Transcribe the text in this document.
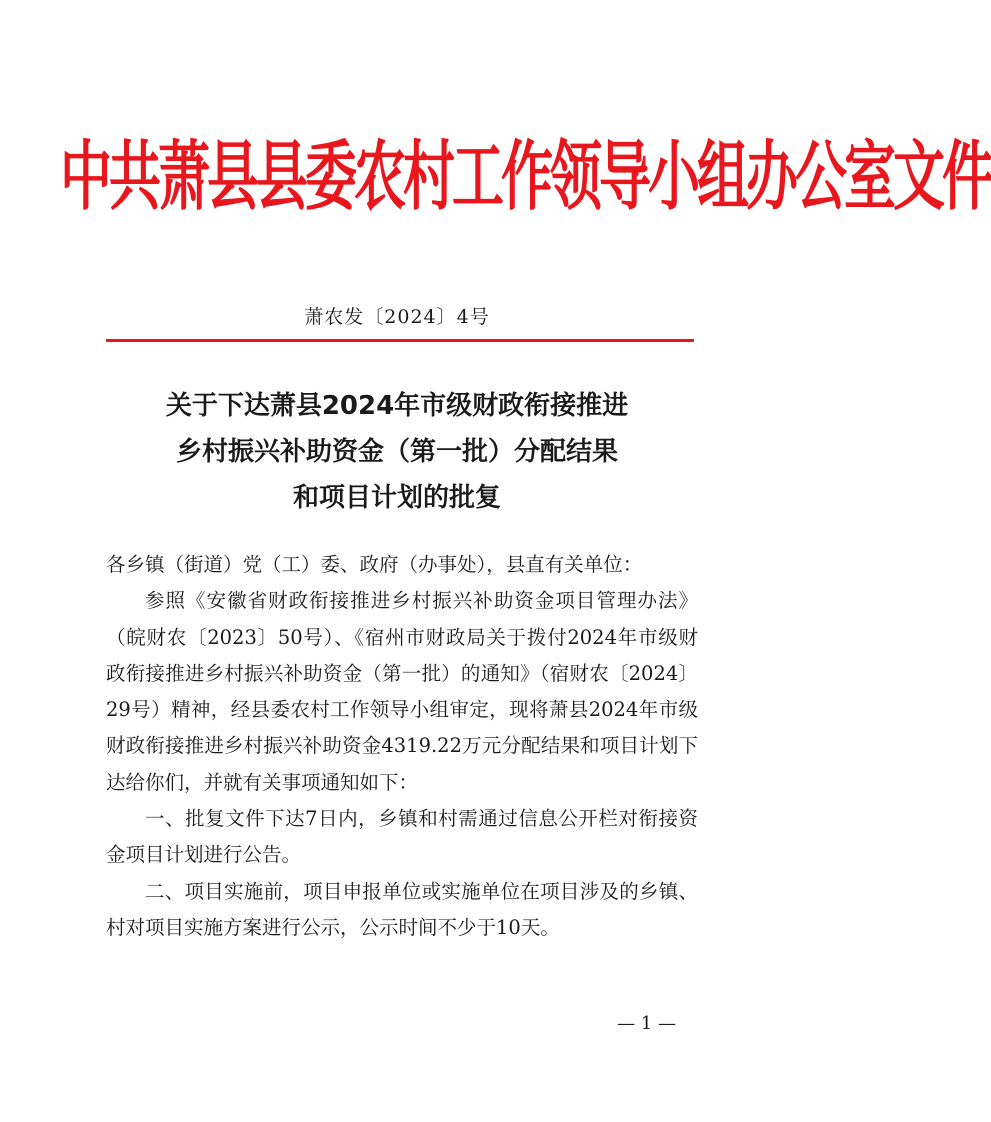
中共萧县县委农村工作领导小组办公室文件
萧农发〔2024〕4号
关于下达萧县2024年市级财政衔接推进
乡村振兴补助资金（第一批）分配结果
和项目计划的批复

各乡镇（街道）党（工）委、政府（办事处），县直有关单位：

参照《安徽省财政衔接推进乡村振兴补助资金项目管理办法》（皖财农〔2023〕50号）、《宿州市财政局关于拨付2024年市级财政衔接推进乡村振兴补助资金（第一批）的通知》（宿财农〔2024〕29号）精神，经县委农村工作领导小组审定，现将萧县2024年市级财政衔接推进乡村振兴补助资金4319.22万元分配结果和项目计划下达给你们，并就有关事项通知如下：

一、批复文件下达7日内，乡镇和村需通过信息公开栏对衔接资金项目计划进行公告。

二、项目实施前，项目申报单位或实施单位在项目涉及的乡镇、村对项目实施方案进行公示，公示时间不少于10天。

— 1 —
